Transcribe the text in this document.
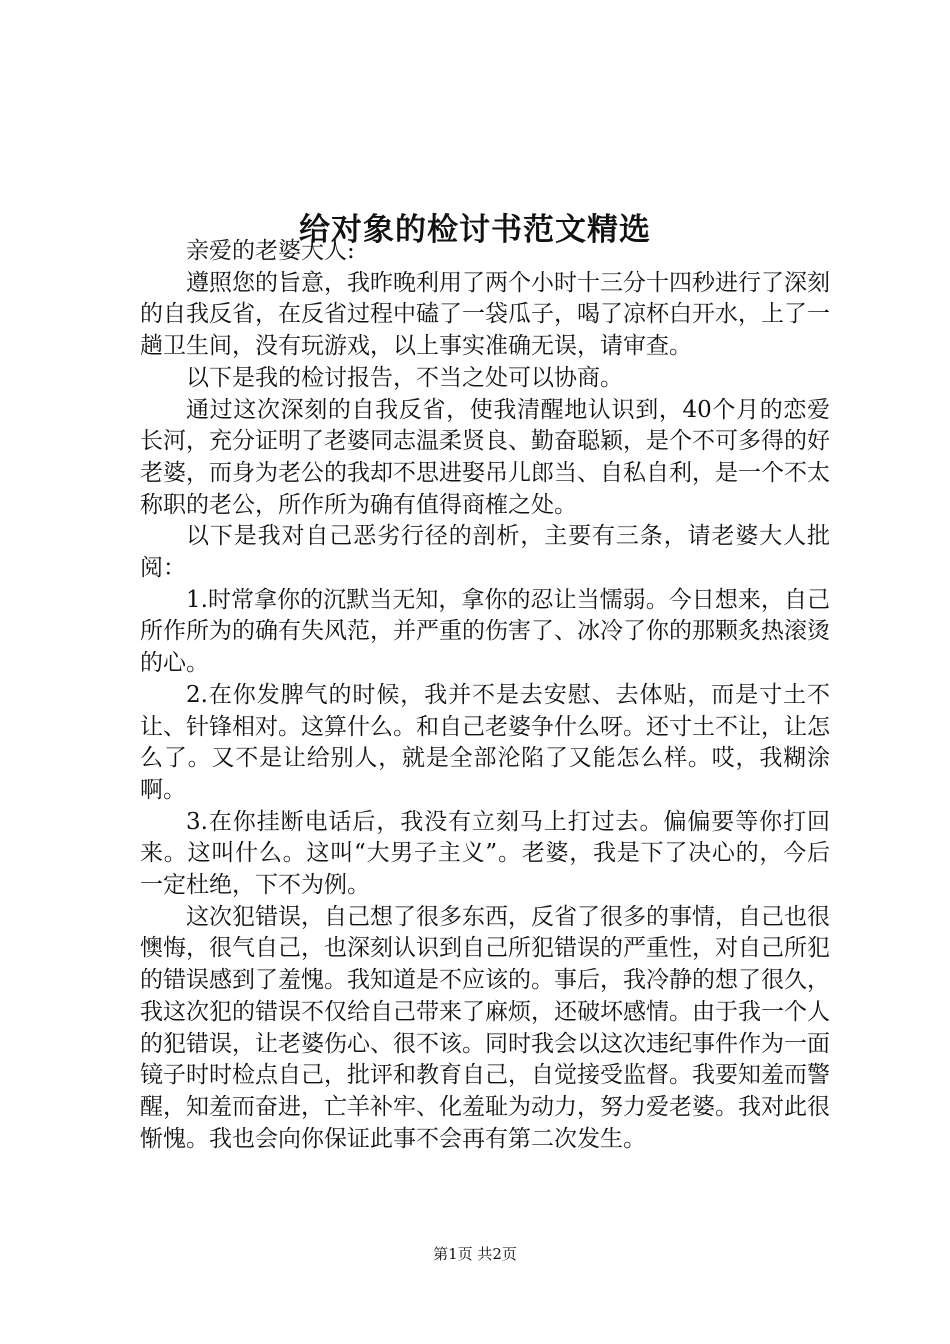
给对象的检讨书范文精选

亲爱的老婆大人:

遵照您的旨意，我昨晚利用了两个小时十三分十四秒进行了深刻的自我反省，在反省过程中磕了一袋瓜子，喝了凉杯白开水，上了一趟卫生间，没有玩游戏，以上事实准确无误，请审查。

以下是我的检讨报告，不当之处可以协商。

通过这次深刻的自我反省，使我清醒地认识到，40个月的恋爱长河，充分证明了老婆同志温柔贤良、勤奋聪颖，是个不可多得的好老婆，而身为老公的我却不思进娶吊儿郎当、自私自利，是一个不太称职的老公，所作所为确有值得商榷之处。

以下是我对自己恶劣行径的剖析，主要有三条，请老婆大人批阅：

1.时常拿你的沉默当无知，拿你的忍让当懦弱。今日想来，自己所作所为的确有失风范，并严重的伤害了、冰冷了你的那颗炙热滚烫的心。

2.在你发脾气的时候，我并不是去安慰、去体贴，而是寸土不让、针锋相对。这算什么。和自己老婆争什么呀。还寸土不让，让怎么了。又不是让给别人，就是全部沦陷了又能怎么样。哎，我糊涂啊。

3.在你挂断电话后，我没有立刻马上打过去。偏偏要等你打回来。这叫什么。这叫“大男子主义”。老婆，我是下了决心的，今后一定杜绝，下不为例。

这次犯错误，自己想了很多东西，反省了很多的事情，自己也很懊悔，很气自己，也深刻认识到自己所犯错误的严重性，对自己所犯的错误感到了羞愧。我知道是不应该的。事后，我冷静的想了很久，我这次犯的错误不仅给自己带来了麻烦，还破坏感情。由于我一个人的犯错误，让老婆伤心、很不该。同时我会以这次违纪事件作为一面镜子时时检点自己，批评和教育自己，自觉接受监督。我要知羞而警醒，知羞而奋进，亡羊补牢、化羞耻为动力，努力爱老婆。我对此很惭愧。我也会向你保证此事不会再有第二次发生。

第1页 共2页
